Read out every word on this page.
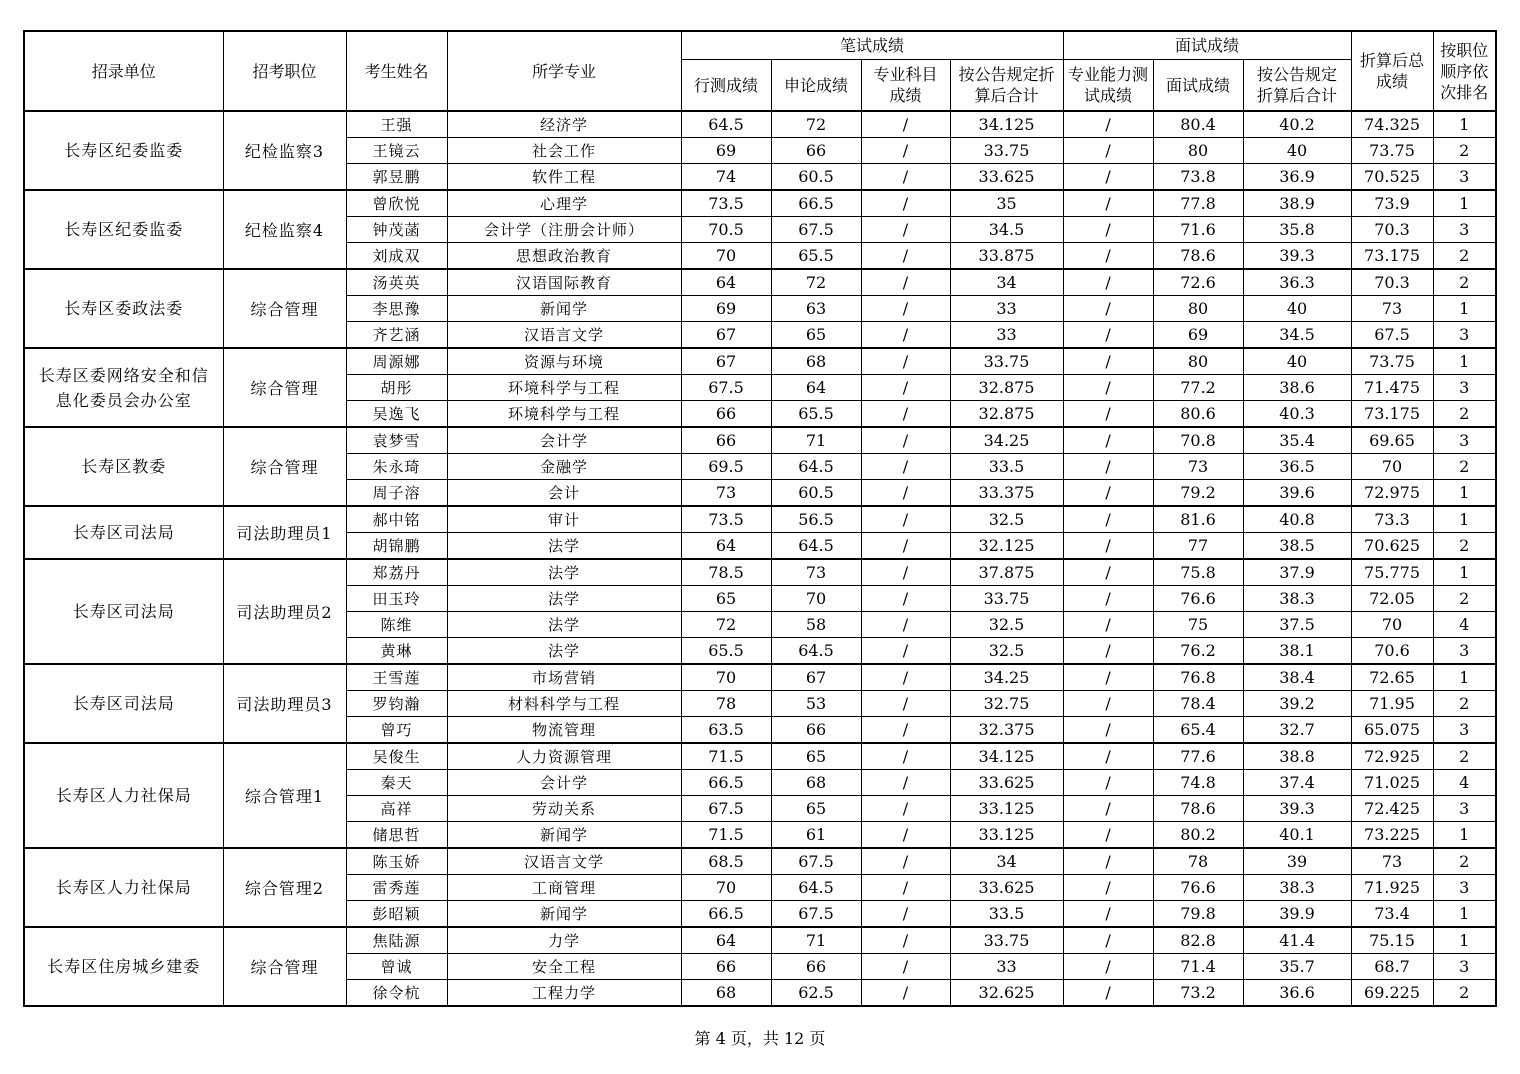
招录单位	招考职位	考生姓名	所学专业	笔试成绩				面试成绩			折算后总成绩	按职位顺序依次排名
				行测成绩	申论成绩	专业科目成绩	按公告规定折算后合计	专业能力测试成绩	面试成绩	按公告规定折算后合计		
长寿区纪委监委	纪检监察3	王强	经济学	64.5	72	/	34.125	/	80.4	40.2	74.325	1
		王镜云	社会工作	69	66	/	33.75	/	80	40	73.75	2
		郭昱鹏	软件工程	74	60.5	/	33.625	/	73.8	36.9	70.525	3
长寿区纪委监委	纪检监察4	曾欣悦	心理学	73.5	66.5	/	35	/	77.8	38.9	73.9	1
		钟茂菡	会计学（注册会计师）	70.5	67.5	/	34.5	/	71.6	35.8	70.3	3
		刘成双	思想政治教育	70	65.5	/	33.875	/	78.6	39.3	73.175	2
长寿区委政法委	综合管理	汤英英	汉语国际教育	64	72	/	34	/	72.6	36.3	70.3	2
		李思豫	新闻学	69	63	/	33	/	80	40	73	1
		齐艺涵	汉语言文学	67	65	/	33	/	69	34.5	67.5	3
长寿区委网络安全和信息化委员会办公室	综合管理	周源娜	资源与环境	67	68	/	33.75	/	80	40	73.75	1
		胡彤	环境科学与工程	67.5	64	/	32.875	/	77.2	38.6	71.475	3
		吴逸飞	环境科学与工程	66	65.5	/	32.875	/	80.6	40.3	73.175	2
长寿区教委	综合管理	袁梦雪	会计学	66	71	/	34.25	/	70.8	35.4	69.65	3
		朱永琦	金融学	69.5	64.5	/	33.5	/	73	36.5	70	2
		周子溶	会计	73	60.5	/	33.375	/	79.2	39.6	72.975	1
长寿区司法局	司法助理员1	郝中铭	审计	73.5	56.5	/	32.5	/	81.6	40.8	73.3	1
		胡锦鹏	法学	64	64.5	/	32.125	/	77	38.5	70.625	2
长寿区司法局	司法助理员2	郑荔丹	法学	78.5	73	/	37.875	/	75.8	37.9	75.775	1
		田玉玲	法学	65	70	/	33.75	/	76.6	38.3	72.05	2
		陈维	法学	72	58	/	32.5	/	75	37.5	70	4
		黄琳	法学	65.5	64.5	/	32.5	/	76.2	38.1	70.6	3
长寿区司法局	司法助理员3	王雪莲	市场营销	70	67	/	34.25	/	76.8	38.4	72.65	1
		罗钧瀚	材料科学与工程	78	53	/	32.75	/	78.4	39.2	71.95	2
		曾巧	物流管理	63.5	66	/	32.375	/	65.4	32.7	65.075	3
长寿区人力社保局	综合管理1	吴俊生	人力资源管理	71.5	65	/	34.125	/	77.6	38.8	72.925	2
		秦天	会计学	66.5	68	/	33.625	/	74.8	37.4	71.025	4
		高祥	劳动关系	67.5	65	/	33.125	/	78.6	39.3	72.425	3
		储思哲	新闻学	71.5	61	/	33.125	/	80.2	40.1	73.225	1
长寿区人力社保局	综合管理2	陈玉娇	汉语言文学	68.5	67.5	/	34	/	78	39	73	2
		雷秀莲	工商管理	70	64.5	/	33.625	/	76.6	38.3	71.925	3
		彭昭颖	新闻学	66.5	67.5	/	33.5	/	79.8	39.9	73.4	1
长寿区住房城乡建委	综合管理	焦陆源	力学	64	71	/	33.75	/	82.8	41.4	75.15	1
		曾诚	安全工程	66	66	/	33	/	71.4	35.7	68.7	3
		徐令杭	工程力学	68	62.5	/	32.625	/	73.2	36.6	69.225	2
第 4 页，共 12 页
